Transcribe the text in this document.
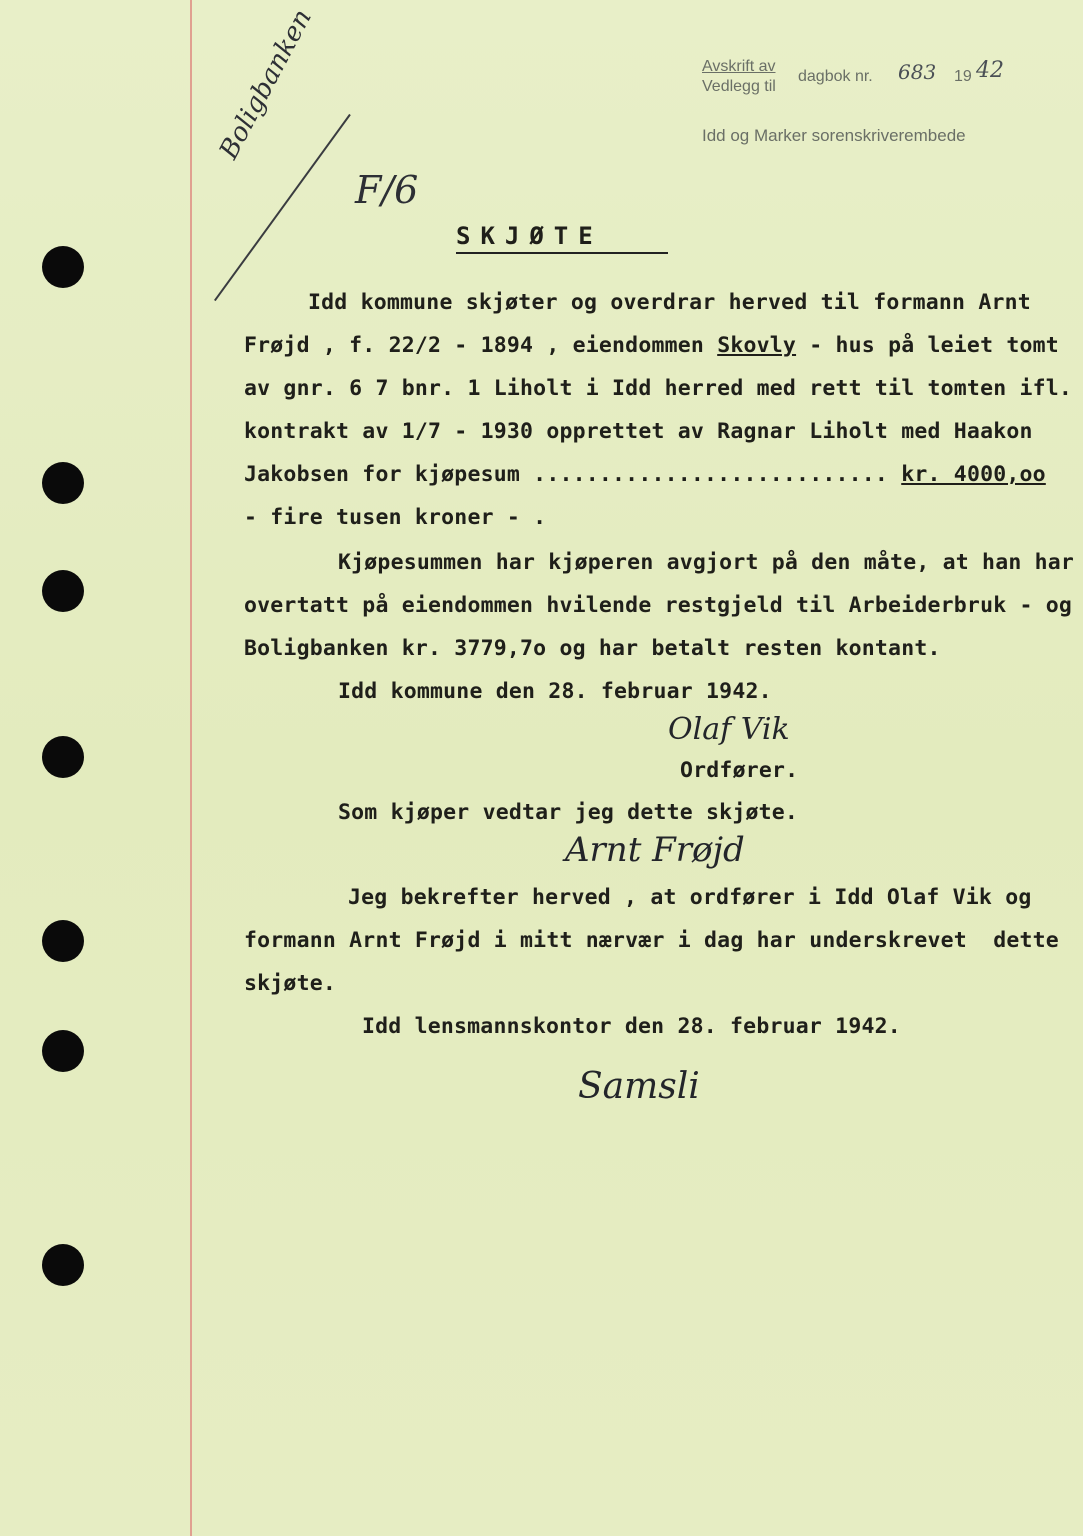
Avskrift av
Vedlegg til
dagbok nr. 683 19 42
Idd og Marker sorenskriverembede
Boligbanken
F/6
SKJØTE
Idd kommune skjøter og overdrar herved til formann Arnt
Frøjd , f. 22/2 - 1894 , eiendommen Skovly - hus på leiet tomt
av gnr. 6 7 bnr. 1 Liholt i Idd herred med rett til tomten ifl.
kontrakt av 1/7 - 1930 opprettet av Ragnar Liholt med Haakon
Jakobsen for kjøpesum ........................... kr. 4000,oo
- fire tusen kroner - .
Kjøpesummen har kjøperen avgjort på den måte, at han har
overtatt på eiendommen hvilende restgjeld til Arbeiderbruk - og
Boligbanken kr. 3779,7o og har betalt resten kontant.
Idd kommune den 28. februar 1942.
Olaf Vik
Ordfører.
Som kjøper vedtar jeg dette skjøte.
Arnt Frøjd
Jeg bekrefter herved , at ordfører i Idd Olaf Vik og
formann Arnt Frøjd i mitt nærvær i dag har underskrevet  dette
skjøte.
Idd lensmannskontor den 28. februar 1942.
Samsli
